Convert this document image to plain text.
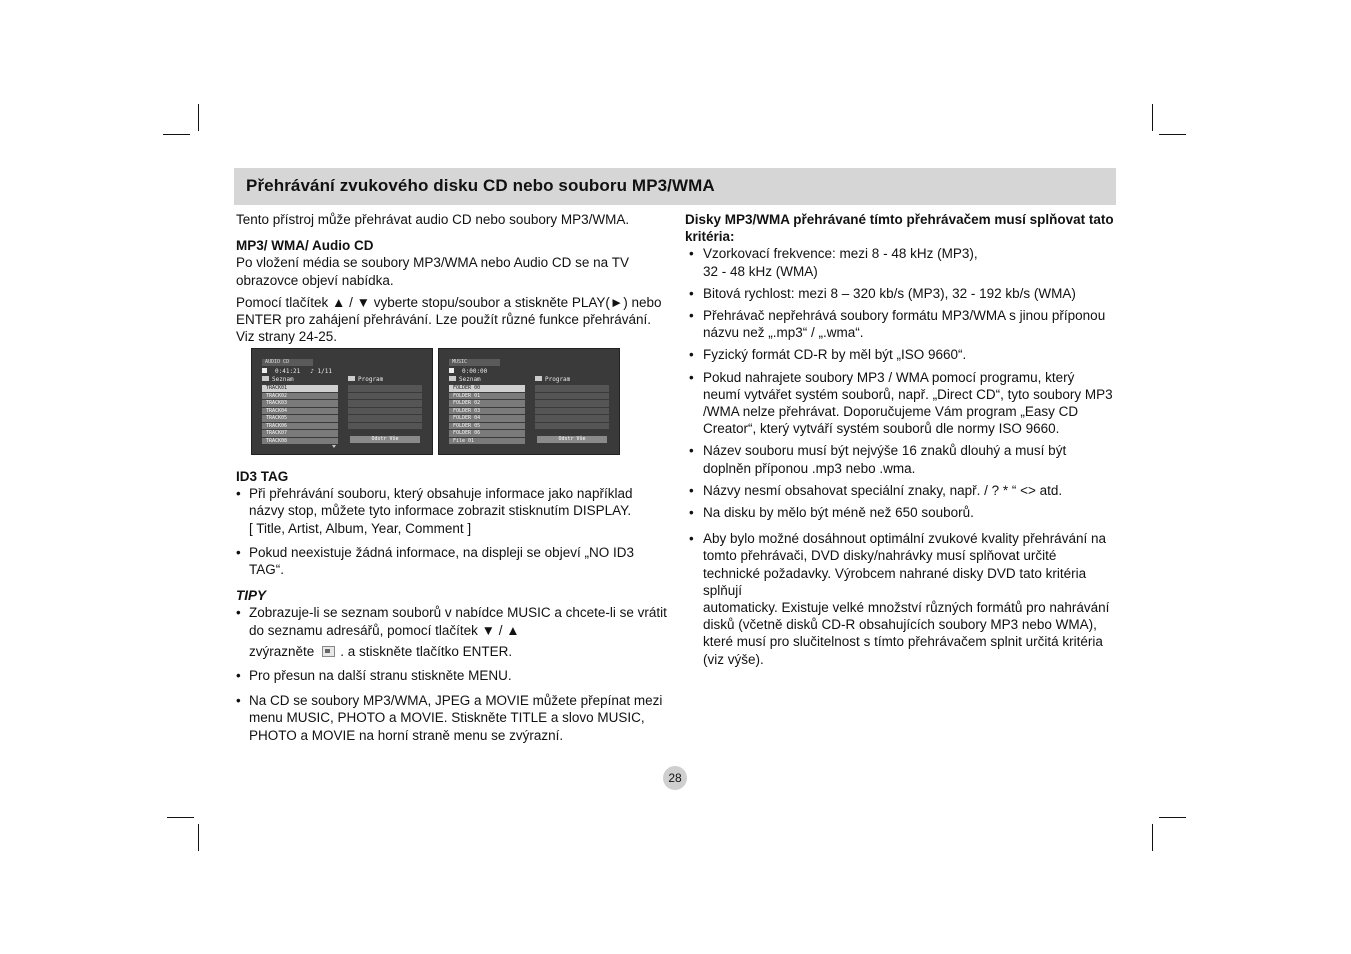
Přehrávání zvukového disku CD nebo souboru MP3/WMA

Tento přístroj může přehrávat audio CD nebo soubory MP3/WMA.

MP3/ WMA/ Audio CD

Po vložení média se soubory MP3/WMA nebo Audio CD se na TV obrazovce objeví nabídka.

Pomocí tlačítek ▲ / ▼ vyberte stopu/soubor a stiskněte PLAY(►) nebo ENTER pro zahájení přehrávání. Lze použít různé funkce přehrávání. Viz strany 24-25.

AUDIO CD
0:41:21 ♪ 1/11
Seznam	Program
TRACK01
TRACK02
TRACK03
TRACK04
TRACK05
TRACK06
TRACK07
TRACK08	Odstr Vše
MUSIC
0:00:00
Seznam	Program
FOLDER 00
FOLDER 01
FOLDER 02
FOLDER 03
FOLDER 04
FOLDER 05
FOLDER 06
File 01	Odstr Vše

ID3 TAG

• Při přehrávání souboru, který obsahuje informace jako například názvy stop, můžete tyto informace zobrazit stisknutím DISPLAY.
[ Title, Artist, Album, Year, Comment ]
• Pokud neexistuje žádná informace, na displeji se objeví „NO ID3 TAG“.

TIPY

• Zobrazuje-li se seznam souborů v nabídce MUSIC a chcete-li se vrátit do seznamu adresářů, pomocí tlačítek ▼ / ▲
zvýrazněte . a stiskněte tlačítko ENTER.
• Pro přesun na další stranu stiskněte MENU.
• Na CD se soubory MP3/WMA, JPEG a MOVIE můžete přepínat mezi menu MUSIC, PHOTO a MOVIE. Stiskněte TITLE a slovo MUSIC, PHOTO a MOVIE na horní straně menu se zvýrazní.

Disky MP3/WMA přehrávané tímto přehrávačem musí splňovat tato kritéria:

• Vzorkovací frekvence: mezi 8 - 48 kHz (MP3),
32 - 48 kHz (WMA)
• Bitová rychlost: mezi 8 – 320 kb/s (MP3), 32 - 192 kb/s (WMA)
• Přehrávač nepřehrává soubory formátu MP3/WMA s jinou příponou názvu než „.mp3“ / „.wma“.
• Fyzický formát CD-R by měl být „ISO 9660“.
• Pokud nahrajete soubory MP3 / WMA pomocí programu, který neumí vytvářet systém souborů, např. „Direct CD“, tyto soubory MP3 /WMA nelze přehrávat. Doporučujeme Vám program „Easy CD Creator“, který vytváří systém souborů dle normy ISO 9660.
• Název souboru musí být nejvýše 16 znaků dlouhý a musí být doplněn příponou .mp3 nebo .wma.
• Názvy nesmí obsahovat speciální znaky, např. / ? * “ <> atd.
• Na disku by mělo být méně než 650 souborů.
• Aby bylo možné dosáhnout optimální zvukové kvality přehrávání na tomto přehrávači, DVD disky/nahrávky musí splňovat určité technické požadavky. Výrobcem nahrané disky DVD tato kritéria splňují
automaticky. Existuje velké množství různých formátů pro nahrávání disků (včetně disků CD-R obsahujících soubory MP3 nebo WMA), které musí pro slučitelnost s tímto přehrávačem splnit určitá kritéria (viz výše).
28
